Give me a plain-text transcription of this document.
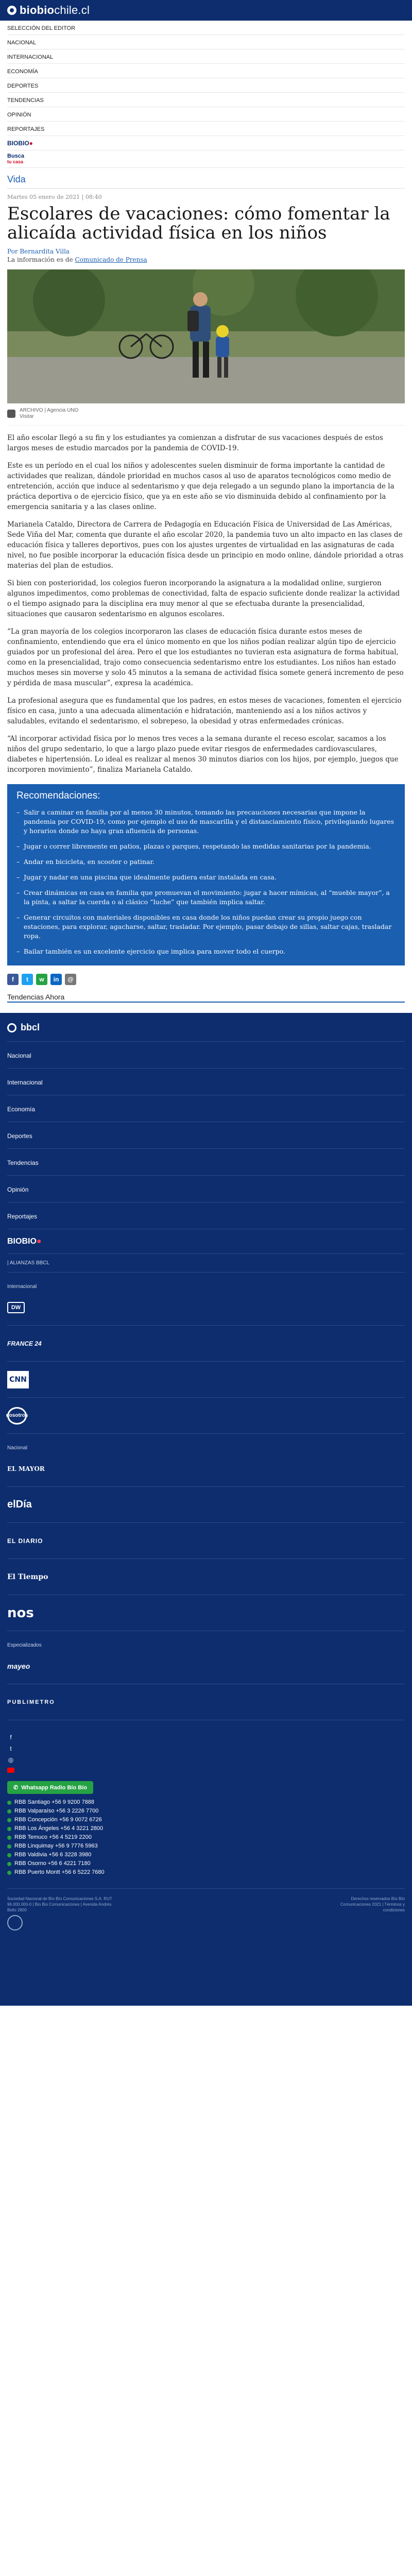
biobiochile.cl
SELECCIÓN DEL EDITOR
NACIONAL
INTERNACIONAL
ECONOMÍA
DEPORTES
TENDENCIAS
OPINIÓN
REPORTAJES
BIOBIO●
Busca
tu casa
Vida
Martes 05 enero de 2021 | 08:40
Escolares de vacaciones: cómo fomentar la alicaída actividad física en los niños
Por Bernardita Villa
La información es de Comunicado de Prensa
ARCHIVO | Agencia UNO
Visitar

El año escolar llegó a su fin y los estudiantes ya comienzan a disfrutar de sus vacaciones después de estos largos meses de estudio marcados por la pandemia de COVID-19.

Este es un período en el cual los niños y adolescentes suelen disminuir de forma importante la cantidad de actividades que realizan, dándole prioridad en muchos casos al uso de aparatos tecnológicos como medio de entretención, acción que induce al sedentarismo y que deja relegado a un segundo plano la importancia de la práctica deportiva o de ejercicio físico, que ya en este año se vio disminuida debido al confinamiento por la emergencia sanitaria y a las clases online.

Marianela Cataldo, Directora de Carrera de Pedagogía en Educación Física de Universidad de Las Américas, Sede Viña del Mar, comenta que durante el año escolar 2020, la pandemia tuvo un alto impacto en las clases de educación física y talleres deportivos, pues con los ajustes urgentes de virtualidad en las asignaturas de cada nivel, no fue posible incorporar la educación física desde un principio en modo online, dándole prioridad a otras materias del plan de estudios.

Si bien con posterioridad, los colegios fueron incorporando la asignatura a la modalidad online, surgieron algunos impedimentos, como problemas de conectividad, falta de espacio suficiente donde realizar la actividad o el tiempo asignado para la disciplina era muy menor al que se efectuaba durante la presencialidad, situaciones que causaron sedentarismo en algunos escolares.

“La gran mayoría de los colegios incorporaron las clases de educación física durante estos meses de confinamiento, entendiendo que era el único momento en que los niños podían realizar algún tipo de ejercicio guiados por un profesional del área. Pero el que los estudiantes no tuvieran esta asignatura de forma habitual, como en la presencialidad, trajo como consecuencia sedentarismo entre los estudiantes. Los niños han estado muchos meses sin moverse y solo 45 minutos a la semana de actividad física somete generá incremento de peso y pérdida de masa muscular”, expresa la académica.

La profesional asegura que es fundamental que los padres, en estos meses de vacaciones, fomenten el ejercicio físico en casa, junto a una adecuada alimentación e hidratación, manteniendo así a los niños activos y saludables, evitando el sedentarismo, el sobrepeso, la obesidad y otras enfermedades crónicas.

“Al incorporar actividad física por lo menos tres veces a la semana durante el receso escolar, sacamos a los niños del grupo sedentario, lo que a largo plazo puede evitar riesgos de enfermedades cardiovasculares, diabetes e hipertensión. Lo ideal es realizar al menos 30 minutos diarios con los hijos, por ejemplo, juegos que incorporen movimiento”, finaliza Marianela Cataldo.

Recomendaciones:
– Salir a caminar en familia por al menos 30 minutos, tomando las precauciones necesarias que impone la pandemia por COVID-19, como por ejemplo el uso de mascarilla y el distanciamiento físico, privilegiando lugares y horarios donde no haya gran afluencia de personas.
– Jugar o correr libremente en patios, plazas o parques, respetando las medidas sanitarias por la pandemia.
– Andar en bicicleta, en scooter o patinar.
– Jugar y nadar en una piscina que idealmente pudiera estar instalada en casa.
– Crear dinámicas en casa en familia que promuevan el movimiento: jugar a hacer mímicas, al “mueble mayor”, a la pinta, a saltar la cuerda o al clásico “luche” que también implica saltar.
– Generar circuitos con materiales disponibles en casa donde los niños puedan crear su propio juego con estaciones, para explorar, agacharse, saltar, trasladar. Por ejemplo, pasar debajo de sillas, saltar cajas, trasladar ropa.
– Bailar también es un excelente ejercicio que implica para mover todo el cuerpo.
f	t	w	in	@
Tendencias Ahora
bbcl
Nacional
Internacional
Economía
Deportes
Tendencias
Opinión
Reportajes
BIOBIO●
| ALIANZAS BBCL
Internacional
DW
FRANCE 24
CNN
nosotros
Nacional
EL MAYOR
elDía
EL DIARIO
El Tiempo
nos
Especializados
mayeo
PUBLIMETRO
f
t
◎
✆ Whatsapp Radio Bío Bío
RBB Santiago +56 9 9200 7888
RBB Valparaíso +56 3 2226 7700
RBB Concepción +56 9 0072 6726
RBB Los Ángeles +56 4 3221 2800
RBB Temuco +56 4 5219 2200
RBB Linquimay +56 9 7776 5963
RBB Valdivia +56 6 3228 3980
RBB Osorno +56 6 4221 7180
RBB Puerto Montt +56 6 5222 7680
Sociedad Nacional de Bío Bío Comunicaciones S.A. RUT 96.000.000-0 | Bio Bio Comunicaciones | Avenida Andrés Bello 2800
Derechos reservados Bío Bío Comunicaciones 2021 | Términos y condiciones
